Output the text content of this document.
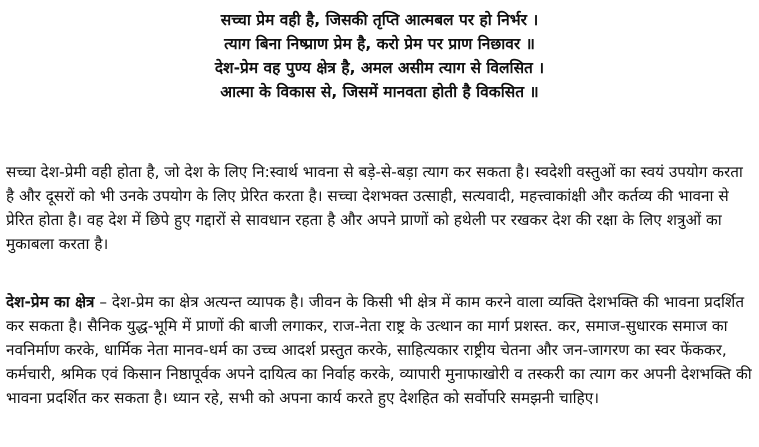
सच्चा प्रेम वही है, जिसकी तृप्ति आत्मबल पर हो निर्भर ।

त्याग बिना निष्प्राण प्रेम है, करो प्रेम पर प्राण निछावर ॥

देश-प्रेम वह पुण्य क्षेत्र है, अमल असीम त्याग से विलसित ।

आत्मा के विकास से, जिसमें मानवता होती है विकसित ॥

सच्चा देश-प्रेमी वही होता है, जो देश के लिए नि:स्वार्थ भावना से बड़े-से-बड़ा त्याग कर सकता है। स्वदेशी वस्तुओं का स्वयं उपयोग करता है और दूसरों को भी उनके उपयोग के लिए प्रेरित करता है। सच्चा देशभक्त उत्साही, सत्यवादी, महत्त्वाकांक्षी और कर्तव्य की भावना से प्रेरित होता है। वह देश में छिपे हुए गद्दारों से सावधान रहता है और अपने प्राणों को हथेली पर रखकर देश की रक्षा के लिए शत्रुओं का मुकाबला करता है।

देश-प्रेम का क्षेत्र – देश-प्रेम का क्षेत्र अत्यन्त व्यापक है। जीवन के किसी भी क्षेत्र में काम करने वाला व्यक्ति देशभक्ति की भावना प्रदर्शित कर सकता है। सैनिक युद्ध-भूमि में प्राणों की बाजी लगाकर, राज-नेता राष्ट्र के उत्थान का मार्ग प्रशस्त. कर, समाज-सुधारक समाज का नवनिर्माण करके, धार्मिक नेता मानव-धर्म का उच्च आदर्श प्रस्तुत करके, साहित्यकार राष्ट्रीय चेतना और जन-जागरण का स्वर फेंककर, कर्मचारी, श्रमिक एवं किसान निष्ठापूर्वक अपने दायित्व का निर्वाह करके, व्यापारी मुनाफाखोरी व तस्करी का त्याग कर अपनी देशभक्ति की भावना प्रदर्शित कर सकता है। ध्यान रहे, सभी को अपना कार्य करते हुए देशहित को सर्वोपरि समझनी चाहिए।
